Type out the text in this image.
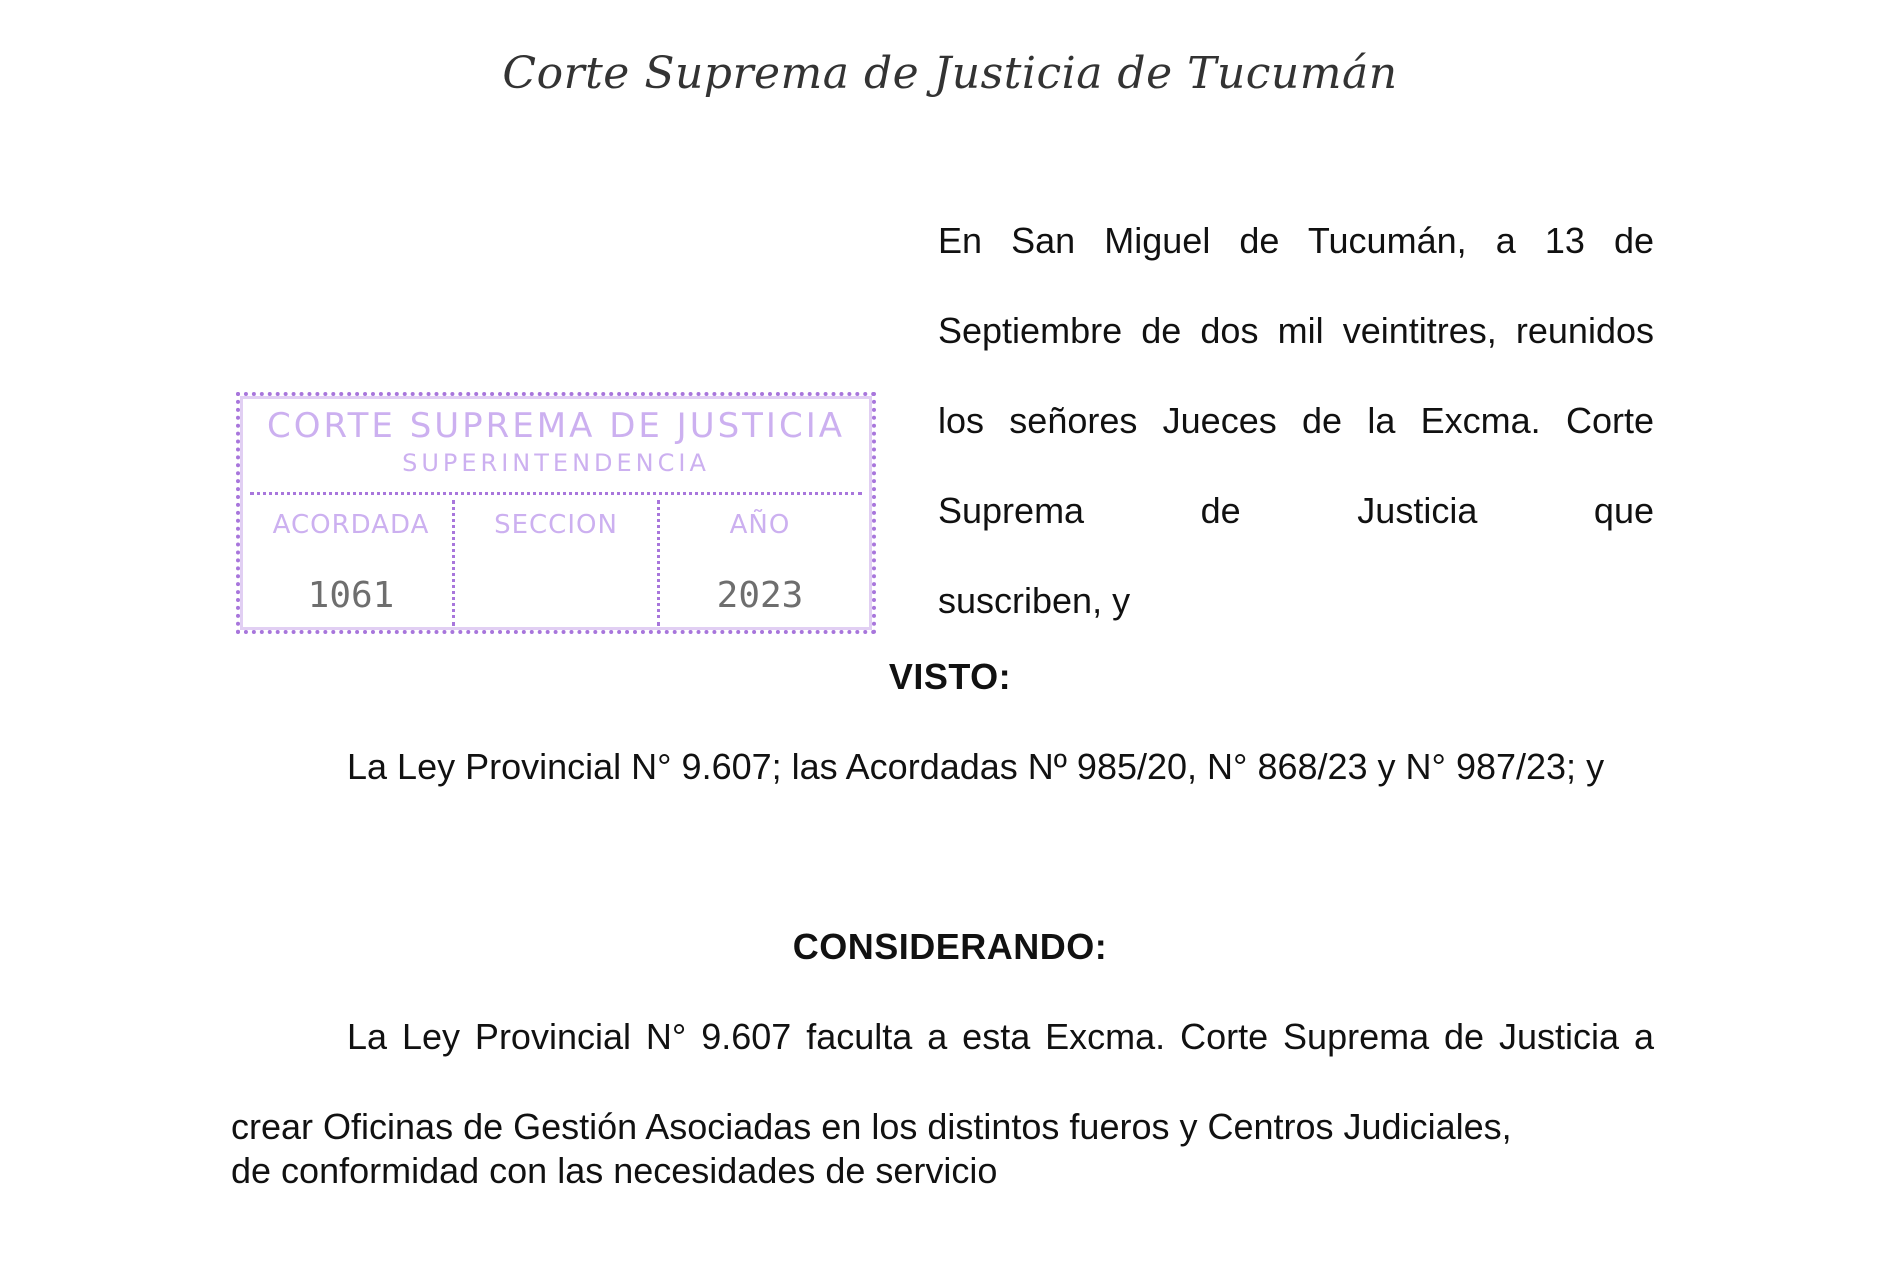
Corte Suprema de Justicia de Tucumán
En San Miguel de Tucumán, a 13 de Septiembre de dos mil veintitres, reunidos los señores Jueces de la Excma. Corte Suprema de Justicia que
suscriben, y
CORTE SUPREMA DE JUSTICIA
SUPERINTENDENCIA
ACORDADA
1061
SECCION	AÑO
2023
VISTO:
La Ley Provincial N° 9.607; las Acordadas Nº 985/20, N° 868/23 y N° 987/23; y
CONSIDERANDO:
La Ley Provincial N° 9.607 faculta a esta Excma. Corte Suprema de Justicia a crear Oficinas de Gestión Asociadas en los distintos fueros y Centros Judiciales,
de conformidad con las necesidades de servicio
